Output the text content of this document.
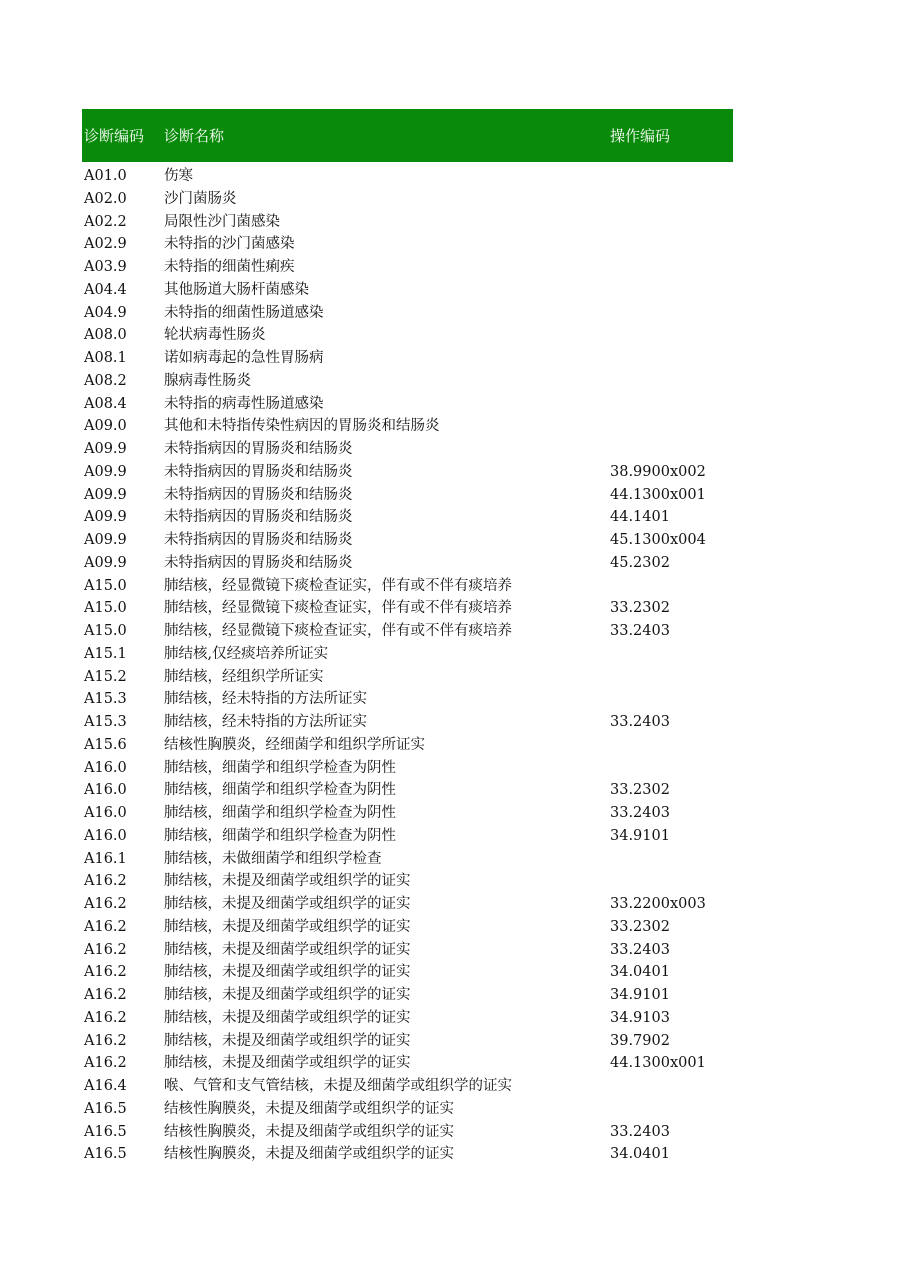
诊断编码	诊断名称	操作编码
A01.0	伤寒
A02.0	沙门菌肠炎
A02.2	局限性沙门菌感染
A02.9	未特指的沙门菌感染
A03.9	未特指的细菌性痢疾
A04.4	其他肠道大肠杆菌感染
A04.9	未特指的细菌性肠道感染
A08.0	轮状病毒性肠炎
A08.1	诺如病毒起的急性胃肠病
A08.2	腺病毒性肠炎
A08.4	未特指的病毒性肠道感染
A09.0	其他和未特指传染性病因的胃肠炎和结肠炎
A09.9	未特指病因的胃肠炎和结肠炎
A09.9	未特指病因的胃肠炎和结肠炎	38.9900x002
A09.9	未特指病因的胃肠炎和结肠炎	44.1300x001
A09.9	未特指病因的胃肠炎和结肠炎	44.1401
A09.9	未特指病因的胃肠炎和结肠炎	45.1300x004
A09.9	未特指病因的胃肠炎和结肠炎	45.2302
A15.0	肺结核，经显微镜下痰检查证实，伴有或不伴有痰培养
A15.0	肺结核，经显微镜下痰检查证实，伴有或不伴有痰培养	33.2302
A15.0	肺结核，经显微镜下痰检查证实，伴有或不伴有痰培养	33.2403
A15.1	肺结核,仅经痰培养所证实
A15.2	肺结核，经组织学所证实
A15.3	肺结核，经未特指的方法所证实
A15.3	肺结核，经未特指的方法所证实	33.2403
A15.6	结核性胸膜炎，经细菌学和组织学所证实
A16.0	肺结核，细菌学和组织学检查为阴性
A16.0	肺结核，细菌学和组织学检查为阴性	33.2302
A16.0	肺结核，细菌学和组织学检查为阴性	33.2403
A16.0	肺结核，细菌学和组织学检查为阴性	34.9101
A16.1	肺结核，未做细菌学和组织学检查
A16.2	肺结核，未提及细菌学或组织学的证实
A16.2	肺结核，未提及细菌学或组织学的证实	33.2200x003
A16.2	肺结核，未提及细菌学或组织学的证实	33.2302
A16.2	肺结核，未提及细菌学或组织学的证实	33.2403
A16.2	肺结核，未提及细菌学或组织学的证实	34.0401
A16.2	肺结核，未提及细菌学或组织学的证实	34.9101
A16.2	肺结核，未提及细菌学或组织学的证实	34.9103
A16.2	肺结核，未提及细菌学或组织学的证实	39.7902
A16.2	肺结核，未提及细菌学或组织学的证实	44.1300x001
A16.4	喉、气管和支气管结核，未提及细菌学或组织学的证实
A16.5	结核性胸膜炎，未提及细菌学或组织学的证实
A16.5	结核性胸膜炎，未提及细菌学或组织学的证实	33.2403
A16.5	结核性胸膜炎，未提及细菌学或组织学的证实	34.0401
